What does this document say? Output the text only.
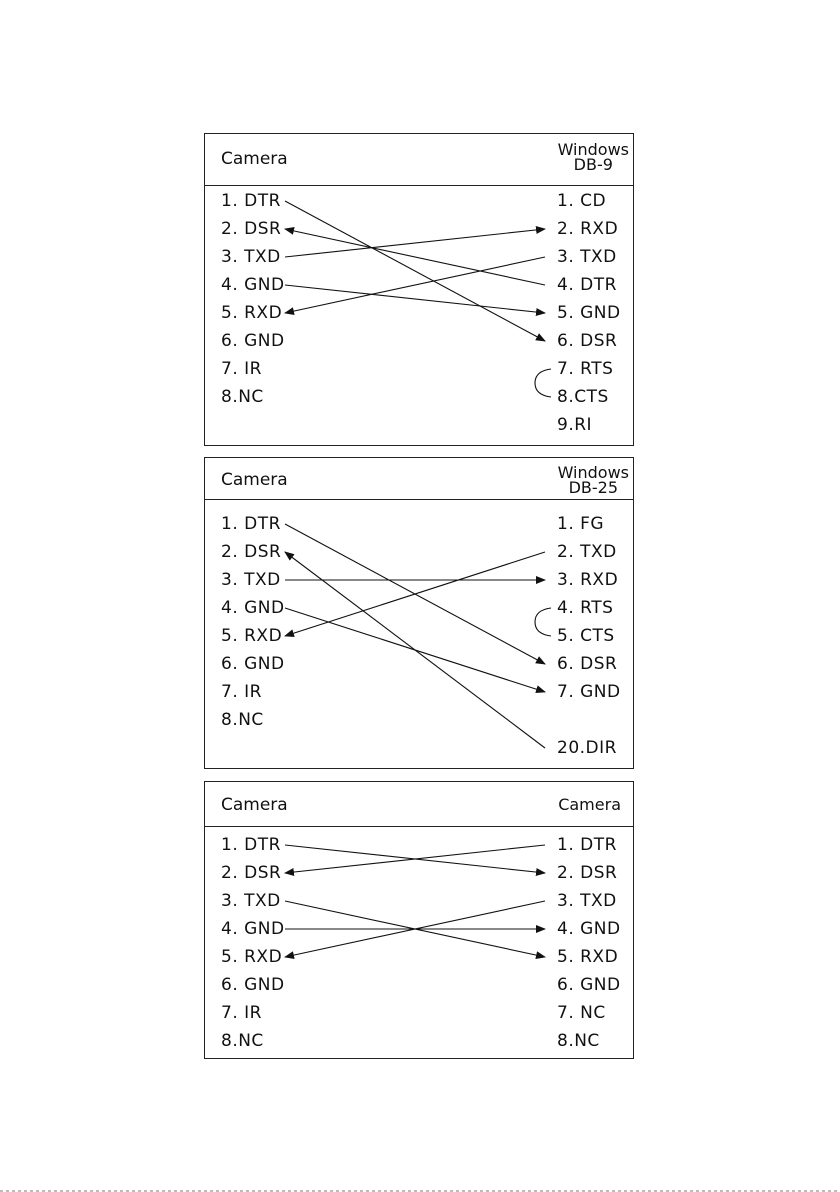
Camera	Windows
DB-9
1. DTR
2. DSR
3. TXD
4. GND
5. RXD
6. GND
7. IR
8.NC
1. CD
2. RXD
3. TXD
4. DTR
5. GND
6. DSR
7. RTS
8.CTS
9.RI
Camera	Windows
DB-25
1. DTR
2. DSR
3. TXD
4. GND
5. RXD
6. GND
7. IR
8.NC
1. FG
2. TXD
3. RXD
4. RTS
5. CTS
6. DSR
7. GND
20.DIR
Camera	Camera
1. DTR
2. DSR
3. TXD
4. GND
5. RXD
6. GND
7. IR
8.NC
1. DTR
2. DSR
3. TXD
4. GND
5. RXD
6. GND
7. NC
8.NC
